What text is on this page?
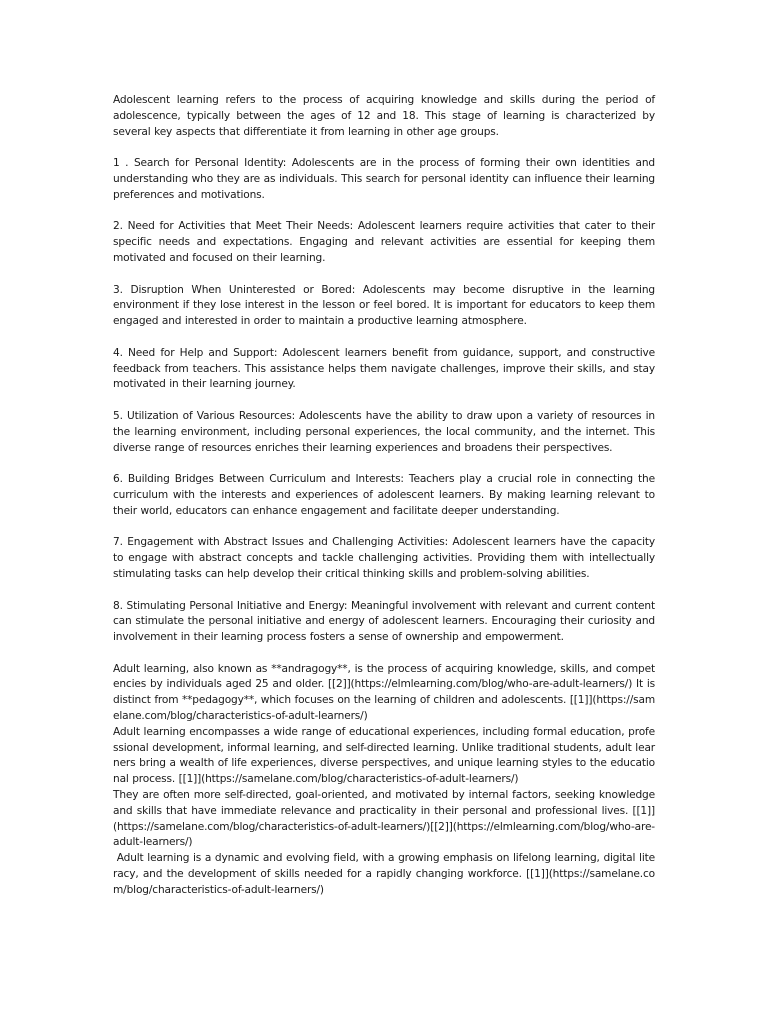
Adolescent learning refers to the process of acquiring knowledge and skills during the period of adolescence, typically between the ages of 12 and 18. This stage of learning is characterized by several key aspects that differentiate it from learning in other age groups.

1 . Search for Personal Identity: Adolescents are in the process of forming their own identities and understanding who they are as individuals. This search for personal identity can influence their learning preferences and motivations.

2. Need for Activities that Meet Their Needs: Adolescent learners require activities that cater to their specific needs and expectations. Engaging and relevant activities are essential for keeping them motivated and focused on their learning.

3. Disruption When Uninterested or Bored: Adolescents may become disruptive in the learning environment if they lose interest in the lesson or feel bored. It is important for educators to keep them engaged and interested in order to maintain a productive learning atmosphere.

4. Need for Help and Support: Adolescent learners benefit from guidance, support, and constructive feedback from teachers. This assistance helps them navigate challenges, improve their skills, and stay motivated in their learning journey.

5. Utilization of Various Resources: Adolescents have the ability to draw upon a variety of resources in the learning environment, including personal experiences, the local community, and the internet. This diverse range of resources enriches their learning experiences and broadens their perspectives.

6. Building Bridges Between Curriculum and Interests: Teachers play a crucial role in connecting the curriculum with the interests and experiences of adolescent learners. By making learning relevant to their world, educators can enhance engagement and facilitate deeper understanding.

7. Engagement with Abstract Issues and Challenging Activities: Adolescent learners have the capacity to engage with abstract concepts and tackle challenging activities. Providing them with intellectually stimulating tasks can help develop their critical thinking skills and problem-solving abilities.

8. Stimulating Personal Initiative and Energy: Meaningful involvement with relevant and current content can stimulate the personal initiative and energy of adolescent learners. Encouraging their curiosity and involvement in their learning process fosters a sense of ownership and empowerment.

Adult learning, also known as **andragogy**, is the process of acquiring knowledge, skills, and competencies by individuals aged 25 and older. [[2]](https://elmlearning.com/blog/who-are-adult-learners/) It is distinct from **pedagogy**, which focuses on the learning of children and adolescents. [[1]](https://samelane.com/blog/characteristics-of-adult-learners/)

Adult learning encompasses a wide range of educational experiences, including formal education, professional development, informal learning, and self-directed learning. Unlike traditional students, adult learners bring a wealth of life experiences, diverse perspectives, and unique learning styles to the educational process. [[1]](https://samelane.com/blog/characteristics-of-adult-learners/)

They are often more self-directed, goal-oriented, and motivated by internal factors, seeking knowledge and skills that have immediate relevance and practicality in their personal and professional lives. [[1]](https://samelane.com/blog/characteristics-of-adult-learners/)[[2]](https://elmlearning.com/blog/who-are-adult-learners/)

Adult learning is a dynamic and evolving field, with a growing emphasis on lifelong learning, digital literacy, and the development of skills needed for a rapidly changing workforce. [[1]](https://samelane.com/blog/characteristics-of-adult-learners/)
